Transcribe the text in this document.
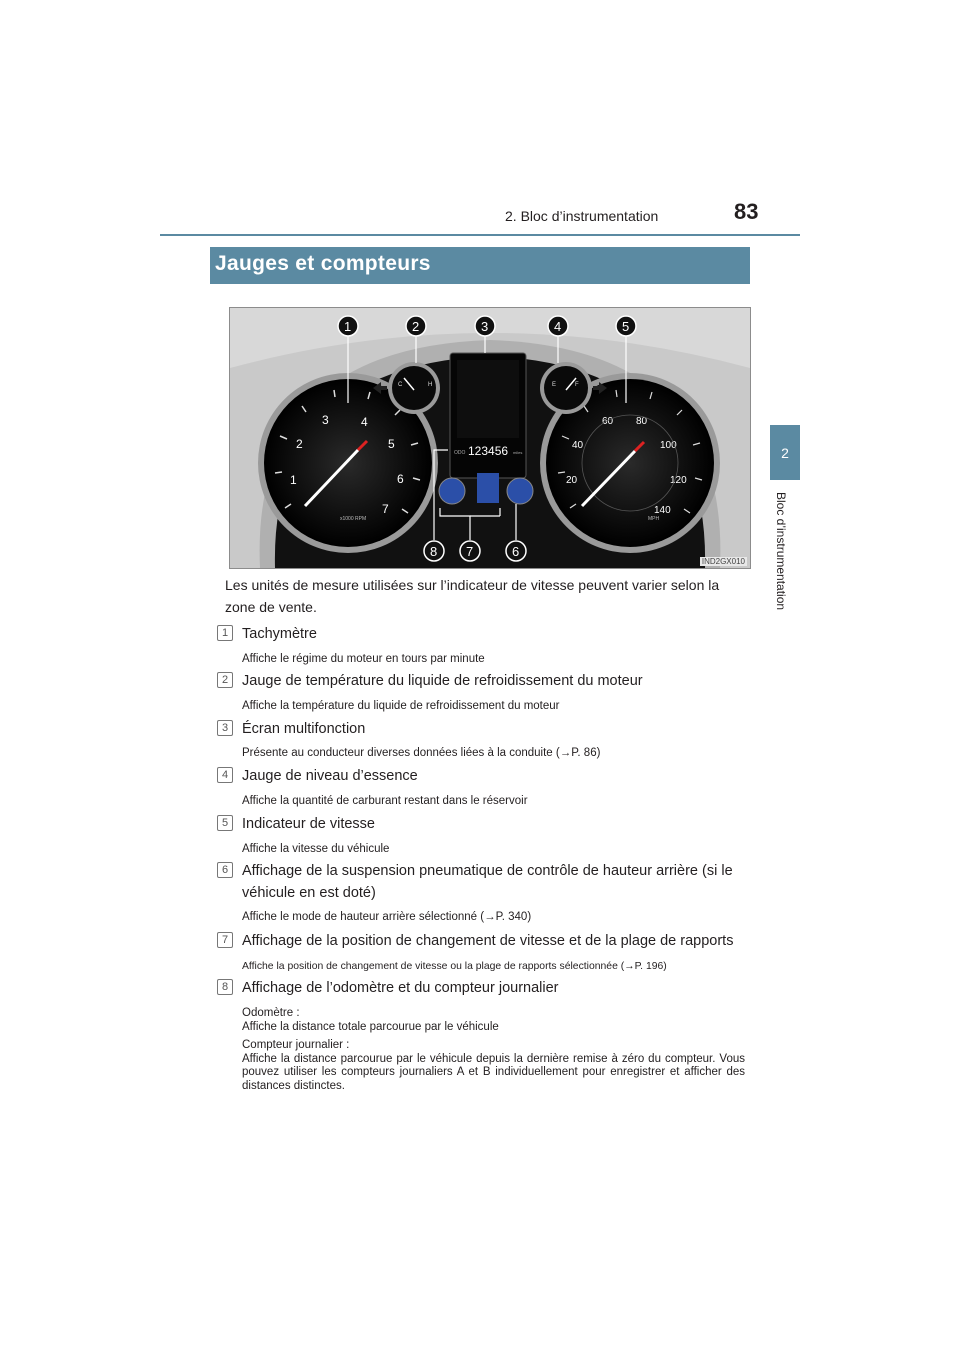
2. Bloc d’instrumentation	83
2
Bloc d’instrumentation
Jauges et compteurs
1
2
3	4
5
6
7
x1000 RPM
20
40
60 80
100
120
140
MPH
C	H	E	F
ODO 123456 miles
1	2	3	4	5
8 7	6
IND2GX010
Les unités de mesure utilisées sur l’indicateur de vitesse peuvent varier selon la zone de vente.
1 Tachymètre
Affiche le régime du moteur en tours par minute
2 Jauge de température du liquide de refroidissement du moteur
Affiche la température du liquide de refroidissement du moteur
3 Écran multifonction
Présente au conducteur diverses données liées à la conduite (→P. 86)
4 Jauge de niveau d’essence
Affiche la quantité de carburant restant dans le réservoir
5 Indicateur de vitesse
Affiche la vitesse du véhicule
6 Affichage de la suspension pneumatique de contrôle de hauteur arrière (si le véhicule en est doté)
Affiche le mode de hauteur arrière sélectionné (→P. 340)
7 Affichage de la position de changement de vitesse et de la plage de rapports
Affiche la position de changement de vitesse ou la plage de rapports sélectionnée (→P. 196)
8 Affichage de l’odomètre et du compteur journalier

Odomètre :

Affiche la distance totale parcourue par le véhicule

Compteur journalier :

Affiche la distance parcourue par le véhicule depuis la dernière remise à zéro du compteur. Vous pouvez utiliser les compteurs journaliers A et B individuellement pour enregistrer et afficher des distances distinctes.
